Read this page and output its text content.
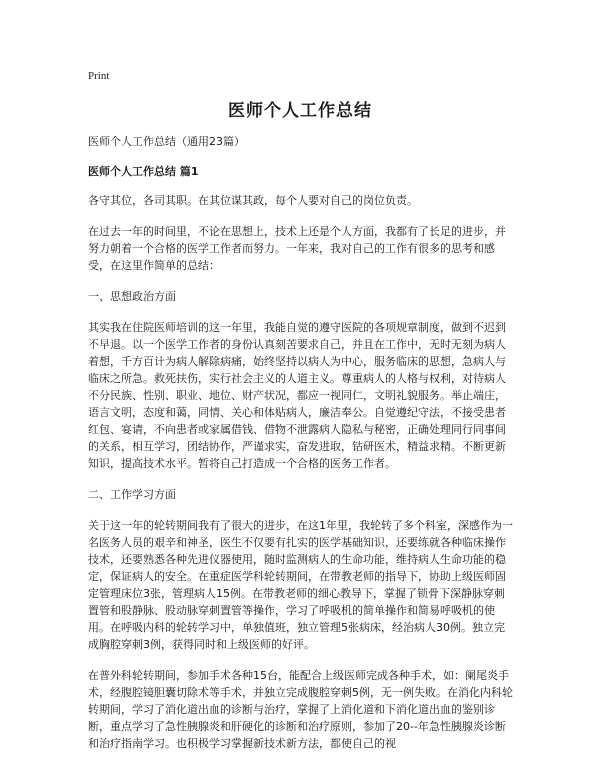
Print

医师个人工作总结

医师个人工作总结（通用23篇）

医师个人工作总结 篇1

各守其位，各司其职。在其位谋其政，每个人要对自己的岗位负责。

在过去一年的时间里，不论在思想上，技术上还是个人方面，我都有了长足的进步，并努力朝着一个合格的医学工作者而努力。一年来，我对自己的工作有很多的思考和感受，在这里作简单的总结：

一、思想政治方面

其实我在住院医师培训的这一年里，我能自觉的遵守医院的各项规章制度，做到不迟到不早退。以一个医学工作者的身份认真刻苦要求自己，并且在工作中，无时无刻为病人着想，千方百计为病人解除病痛，始终坚持以病人为中心，服务临床的思想，急病人与临床之所急。救死扶伤，实行社会主义的人道主义。尊重病人的人格与权利，对待病人不分民族、性别、职业、地位、财产状况，都应一视同仁，文明礼貌服务。举止端庄，语言文明，态度和蔼，同情、关心和体贴病人，廉洁奉公。自觉遵纪守法，不接受患者红包、宴请，不向患者或家属借钱、借物不泄露病人隐私与秘密，正确处理同行同事间的关系，相互学习，团结协作，严谨求实，奋发进取，钻研医术，精益求精。不断更新知识，提高技术水平。暂将自己打造成一个合格的医务工作者。

二、工作学习方面

关于这一年的轮转期间我有了很大的进步，在这1年里，我轮转了多个科室，深感作为一名医务人员的艰辛和神圣，医生不仅要有扎实的医学基础知识，还要练就各种临床操作技术，还要熟悉各种先进仪器使用，随时监测病人的生命功能，维持病人生命功能的稳定，保证病人的安全。在重症医学科轮转期间，在带教老师的指导下，协助上级医师固定管理床位3张，管理病人15例。在带教老师的细心教导下，掌握了锁骨下深静脉穿刺置管和股静脉、股动脉穿刺置管等操作，学习了呼吸机的简单操作和简易呼吸机的使用。在呼吸内科的轮转学习中，单独值班，独立管理5张病床，经治病人30例。独立完成胸腔穿刺3例，获得同时和上级医师的好评。

在普外科轮转期间，参加手术各种15台，能配合上级医师完成各种手术，如：阑尾炎手术，经腹腔镜胆囊切除术等手术，并独立完成腹腔穿刺5例，无一例失败。在消化内科轮转期间，学习了消化道出血的诊断与治疗，掌握了上消化道和下消化道出血的鉴别诊断，重点学习了急性胰腺炎和肝硬化的诊断和治疗原则，参加了20--年急性胰腺炎诊断和治疗指南学习。也积极学习掌握新技术新方法，都使自己的视
